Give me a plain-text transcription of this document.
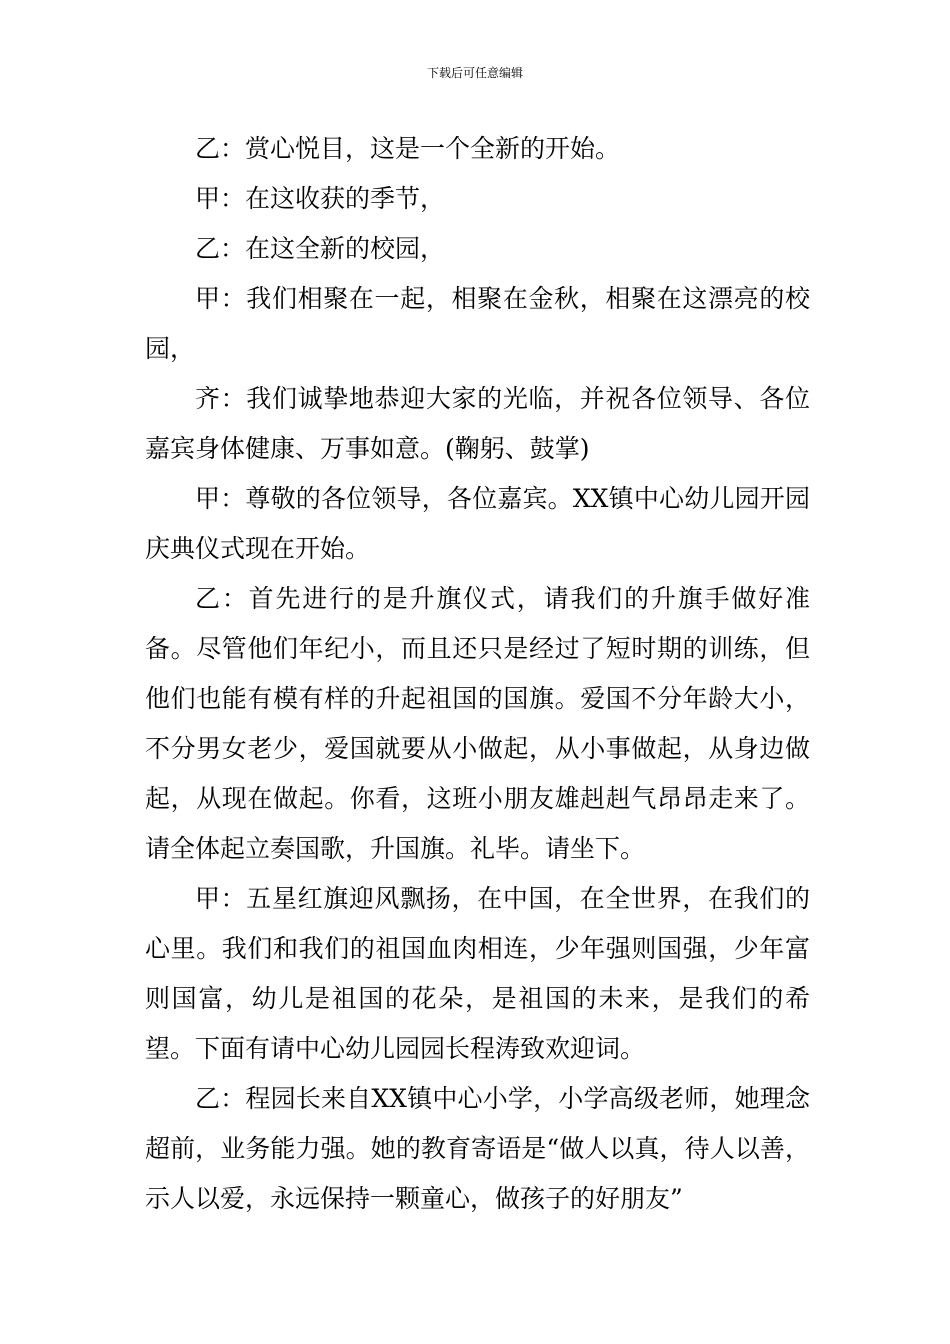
下载后可任意编辑

乙：赏心悦目，这是一个全新的开始。

甲：在这收获的季节，

乙：在这全新的校园，

甲：我们相聚在一起，相聚在金秋，相聚在这漂亮的校园，

齐：我们诚挚地恭迎大家的光临，并祝各位领导、各位嘉宾身体健康、万事如意。(鞠躬、鼓掌)

甲：尊敬的各位领导，各位嘉宾。XX镇中心幼儿园开园庆典仪式现在开始。

乙：首先进行的是升旗仪式，请我们的升旗手做好准备。尽管他们年纪小，而且还只是经过了短时期的训练，但他们也能有模有样的升起祖国的国旗。爱国不分年龄大小，不分男女老少，爱国就要从小做起，从小事做起，从身边做起，从现在做起。你看，这班小朋友雄赳赳气昂昂走来了。请全体起立奏国歌，升国旗。礼毕。请坐下。

甲：五星红旗迎风飘扬，在中国，在全世界，在我们的心里。我们和我们的祖国血肉相连，少年强则国强，少年富则国富，幼儿是祖国的花朵，是祖国的未来，是我们的希望。下面有请中心幼儿园园长程涛致欢迎词。

乙：程园长来自XX镇中心小学，小学高级老师，她理念超前，业务能力强。她的教育寄语是“做人以真，待人以善，示人以爱，永远保持一颗童心，做孩子的好朋友”
